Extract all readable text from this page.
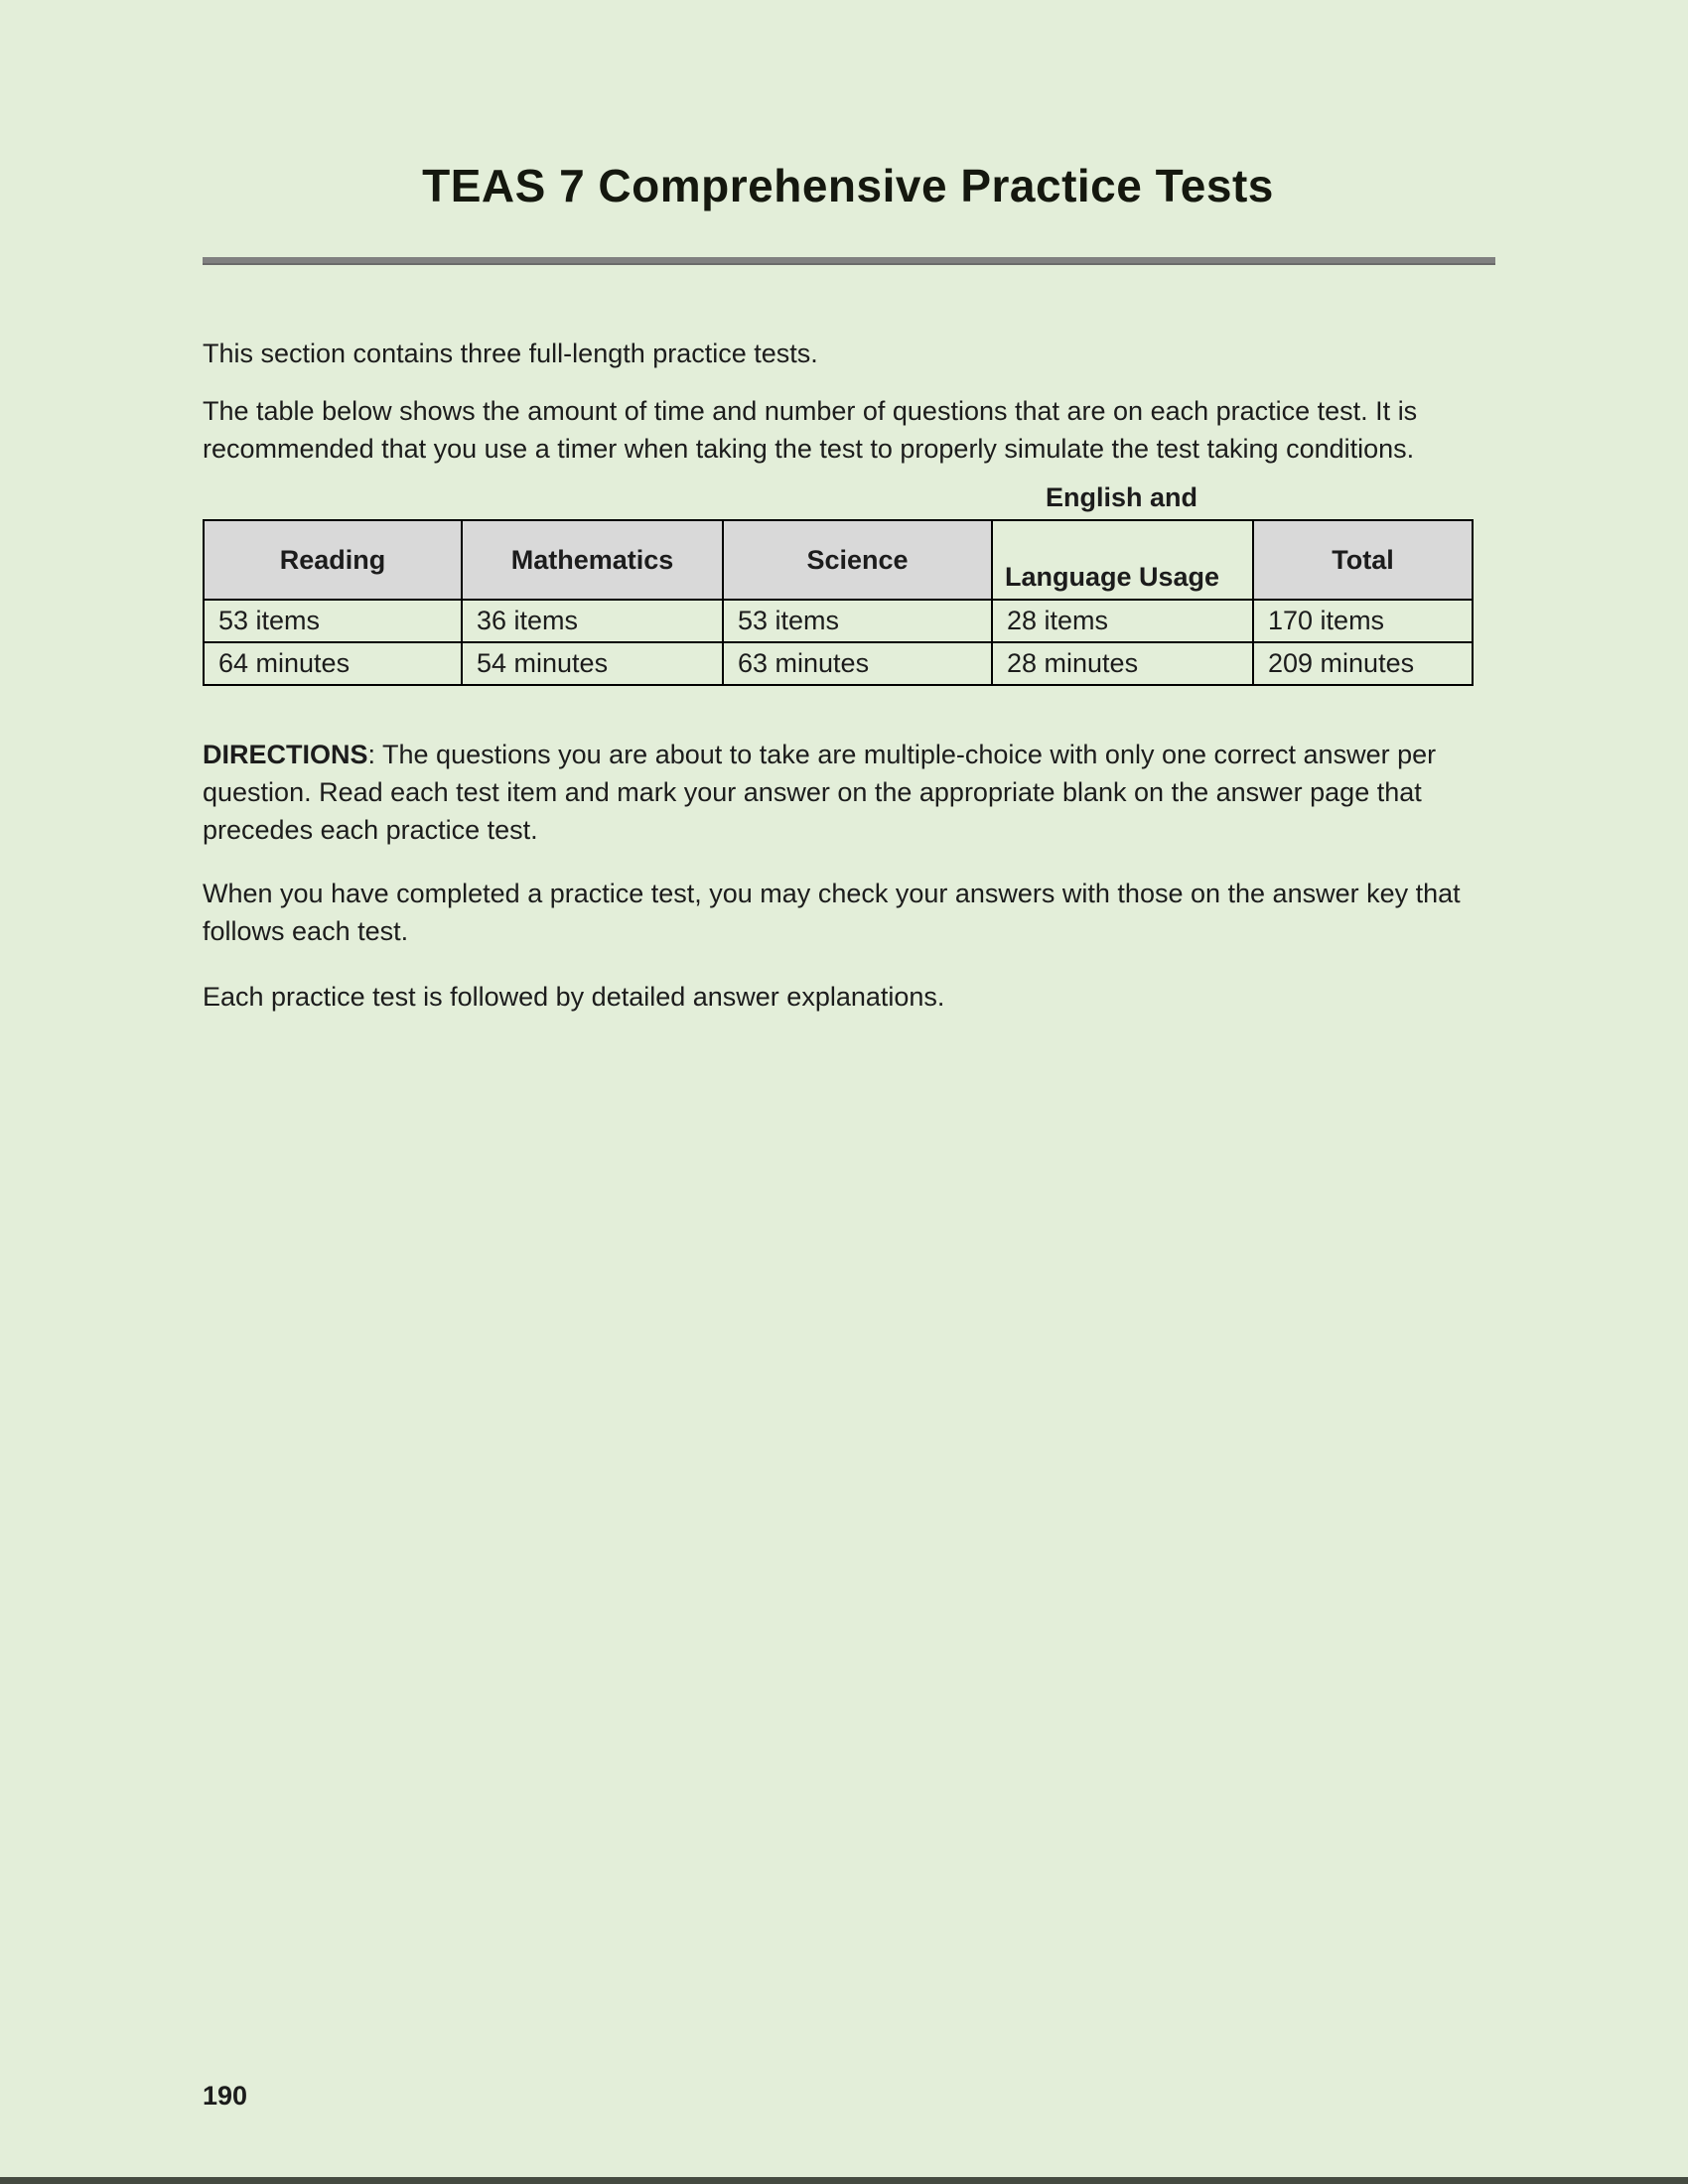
TEAS 7 Comprehensive Practice Tests

This section contains three full-length practice tests.

The table below shows the amount of time and number of questions that are on each practice test. It is recommended that you use a timer when taking the test to properly simulate the test taking conditions.

English and
Reading	Mathematics	Science	Language Usage	Total
53 items	36 items	53 items	28 items	170 items
64 minutes	54 minutes	63 minutes	28 minutes	209 minutes

DIRECTIONS: The questions you are about to take are multiple-choice with only one correct answer per question. Read each test item and mark your answer on the appropriate blank on the answer page that precedes each practice test.

When you have completed a practice test, you may check your answers with those on the answer key that follows each test.

Each practice test is followed by detailed answer explanations.

190
